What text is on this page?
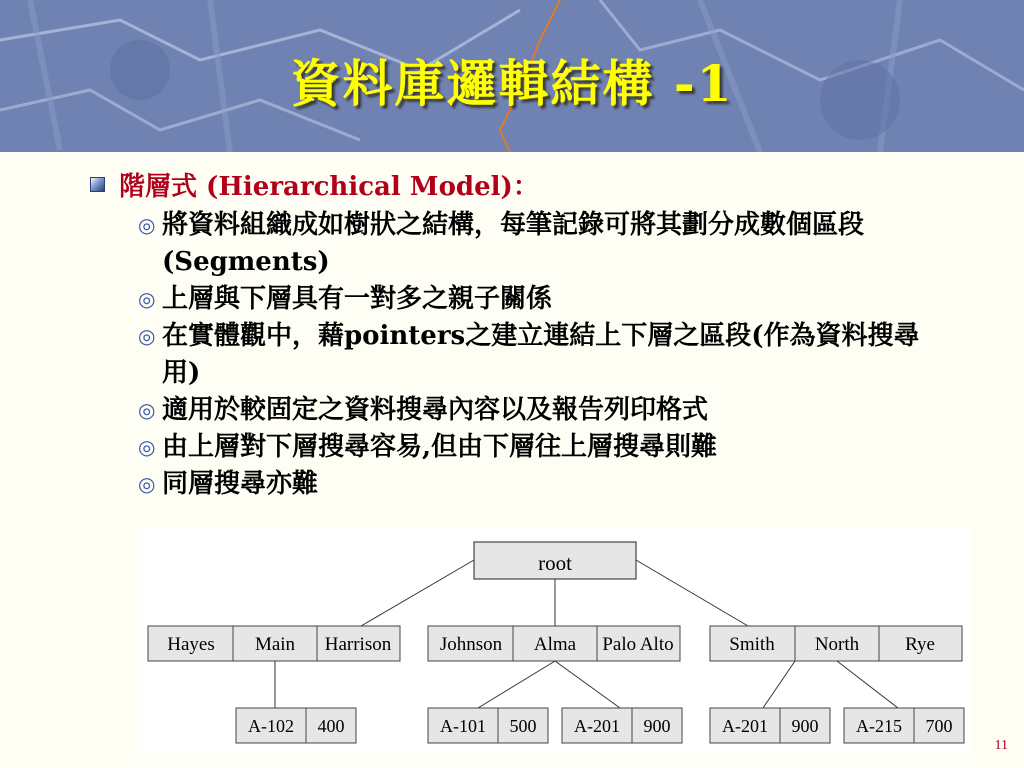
資料庫邏輯結構 -1
階層式 (Hierarchical Model)：
◎ 將資料組織成如樹狀之結構，每筆記錄可將其劃分成數個區段(Segments)
◎ 上層與下層具有一對多之親子關係
◎ 在實體觀中，藉pointers之建立連結上下層之區段(作為資料搜尋用)
◎ 適用於較固定之資料搜尋內容以及報告列印格式
◎ 由上層對下層搜尋容易,但由下層往上層搜尋則難
◎ 同層搜尋亦難
root
Hayes Main Harrison	Johnson Alma Palo Alto	Smith North Rye
A-102 400	A-101 500 A-201 900	A-201 900 A-215 700
11
